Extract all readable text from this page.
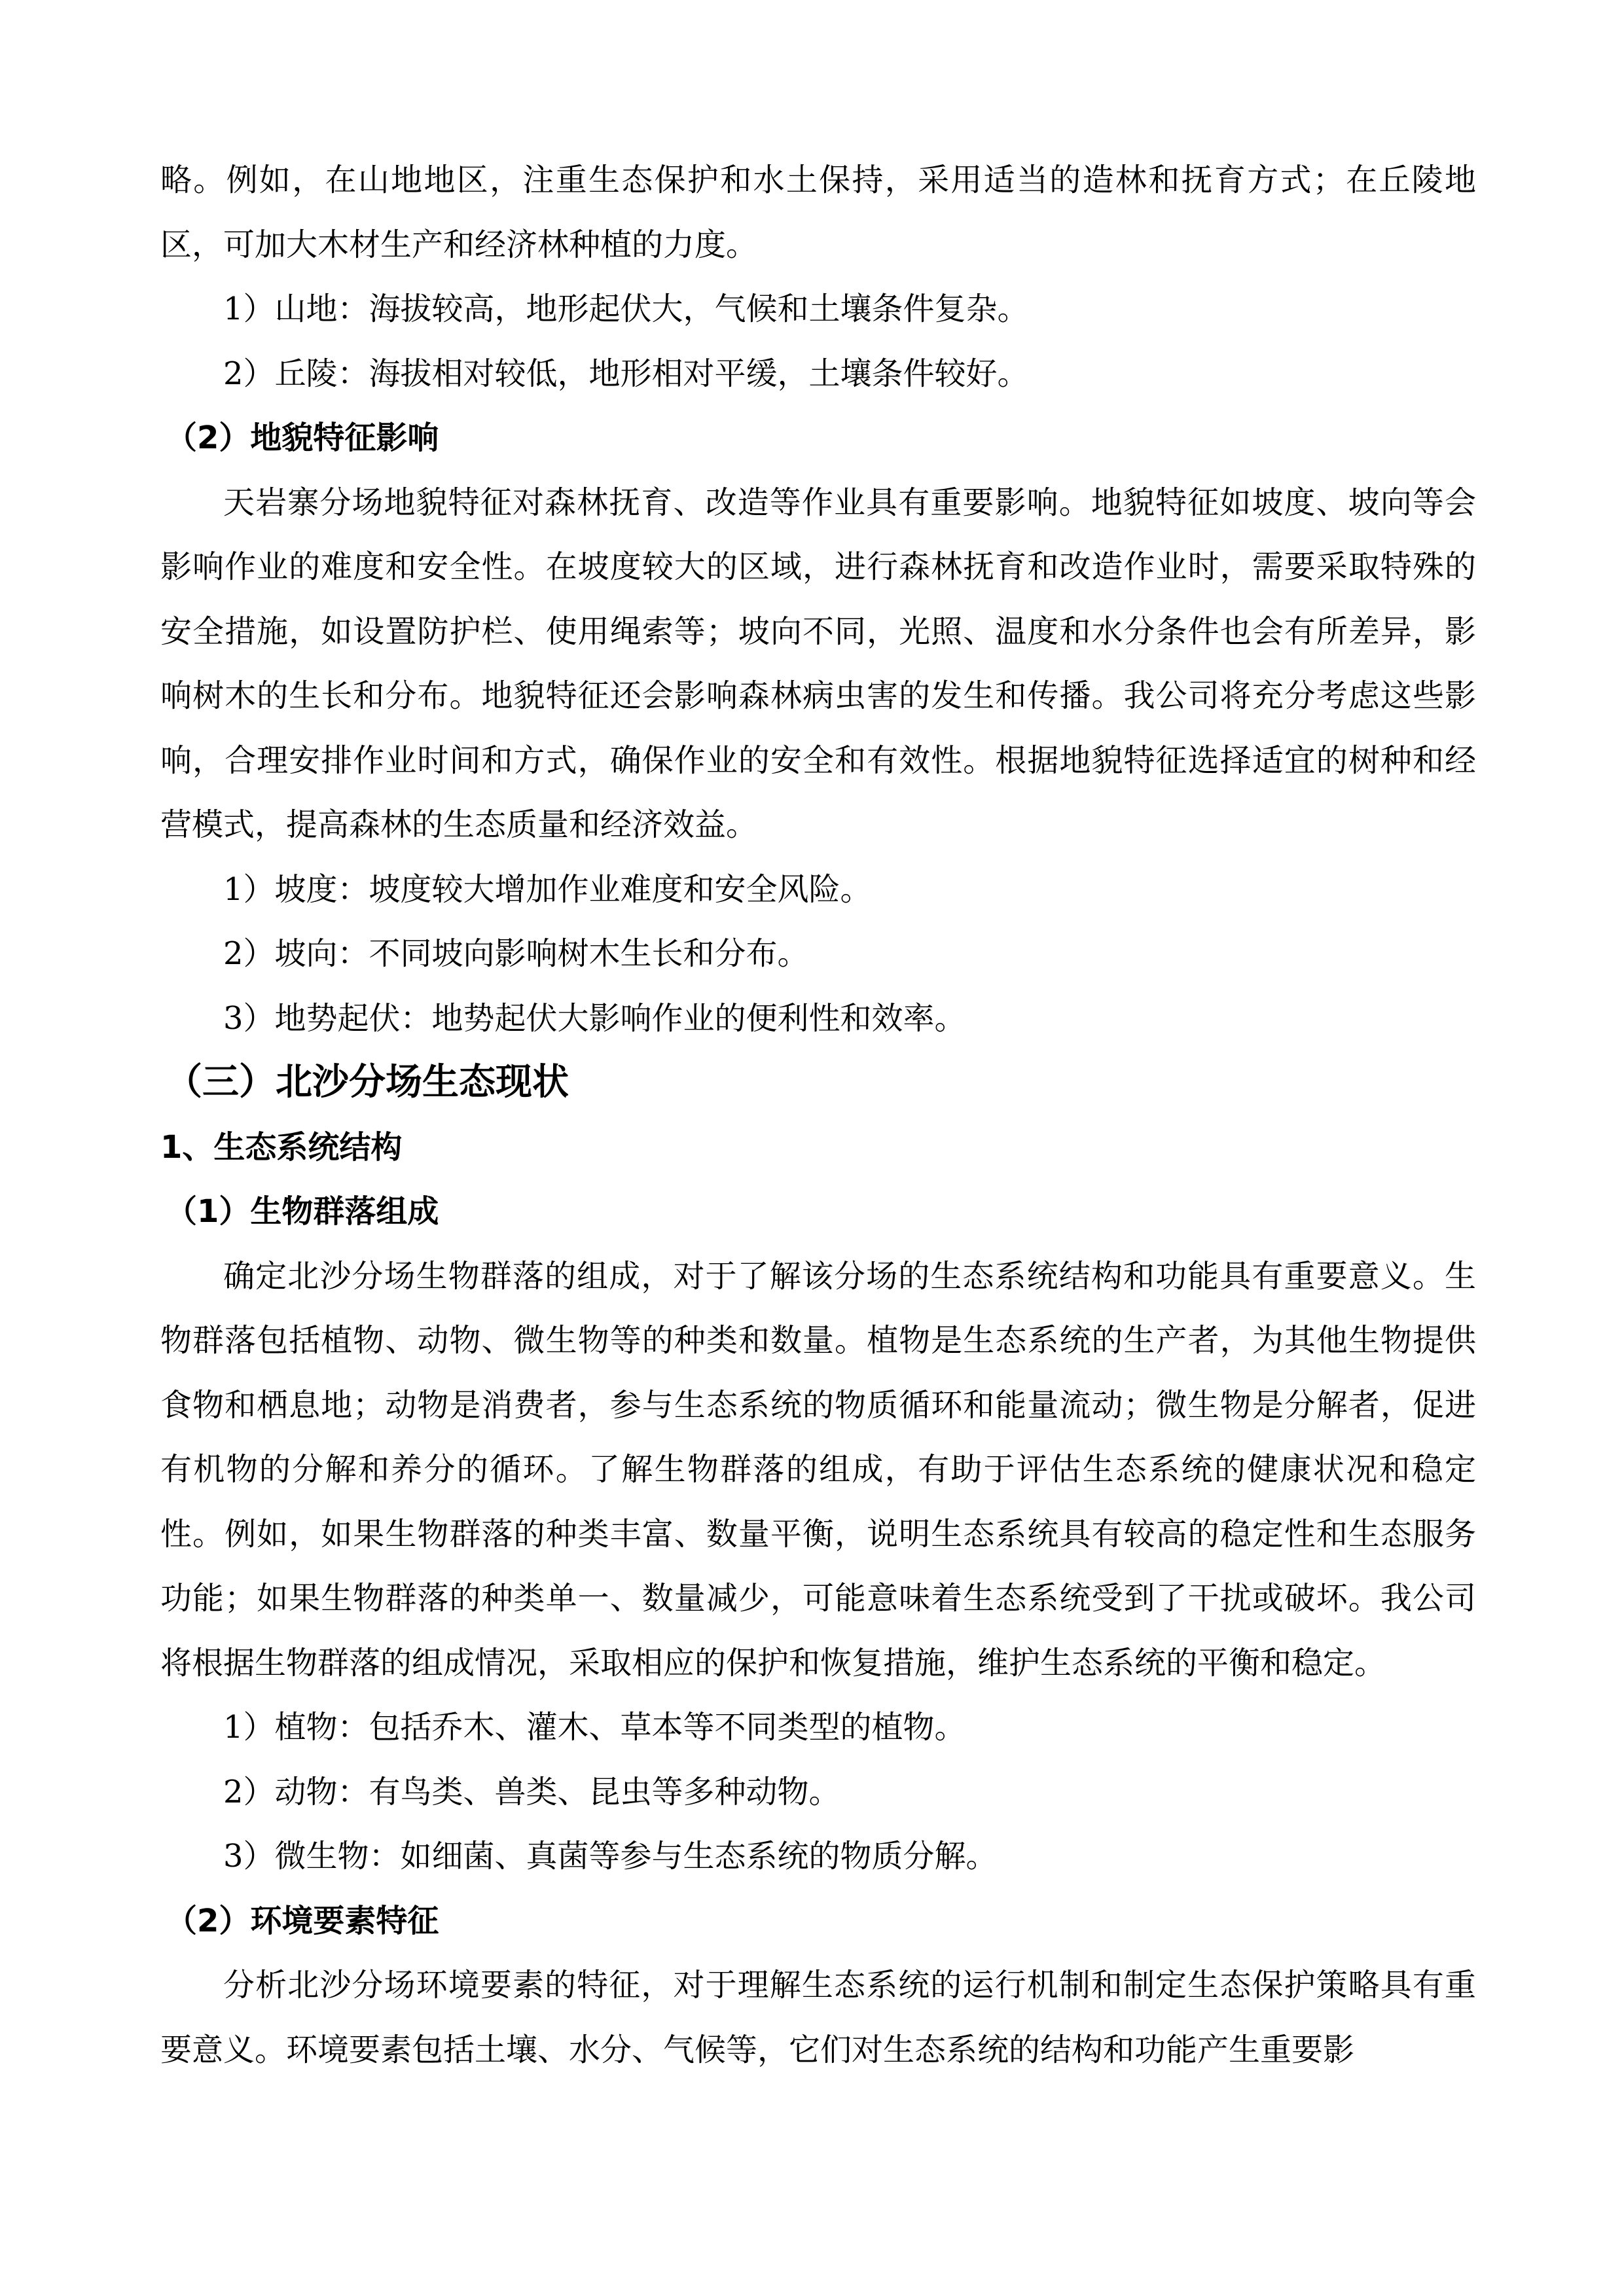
略。例如，在山地地区，注重生态保护和水土保持，采用适当的造林和抚育方式；在丘陵地区，可加大木材生产和经济林种植的力度。

1）山地：海拔较高，地形起伏大，气候和土壤条件复杂。

2）丘陵：海拔相对较低，地形相对平缓，土壤条件较好。

（2）地貌特征影响

天岩寨分场地貌特征对森林抚育、改造等作业具有重要影响。地貌特征如坡度、坡向等会影响作业的难度和安全性。在坡度较大的区域，进行森林抚育和改造作业时，需要采取特殊的安全措施，如设置防护栏、使用绳索等；坡向不同，光照、温度和水分条件也会有所差异，影响树木的生长和分布。地貌特征还会影响森林病虫害的发生和传播。我公司将充分考虑这些影响，合理安排作业时间和方式，确保作业的安全和有效性。根据地貌特征选择适宜的树种和经营模式，提高森林的生态质量和经济效益。

1）坡度：坡度较大增加作业难度和安全风险。

2）坡向：不同坡向影响树木生长和分布。

3）地势起伏：地势起伏大影响作业的便利性和效率。

（三）北沙分场生态现状

1、生态系统结构

（1）生物群落组成

确定北沙分场生物群落的组成，对于了解该分场的生态系统结构和功能具有重要意义。生物群落包括植物、动物、微生物等的种类和数量。植物是生态系统的生产者，为其他生物提供食物和栖息地；动物是消费者，参与生态系统的物质循环和能量流动；微生物是分解者，促进有机物的分解和养分的循环。了解生物群落的组成，有助于评估生态系统的健康状况和稳定性。例如，如果生物群落的种类丰富、数量平衡，说明生态系统具有较高的稳定性和生态服务功能；如果生物群落的种类单一、数量减少，可能意味着生态系统受到了干扰或破坏。我公司将根据生物群落的组成情况，采取相应的保护和恢复措施，维护生态系统的平衡和稳定。

1）植物：包括乔木、灌木、草本等不同类型的植物。

2）动物：有鸟类、兽类、昆虫等多种动物。

3）微生物：如细菌、真菌等参与生态系统的物质分解。

（2）环境要素特征

分析北沙分场环境要素的特征，对于理解生态系统的运行机制和制定生态保护策略具有重要意义。环境要素包括土壤、水分、气候等，它们对生态系统的结构和功能产生重要影
